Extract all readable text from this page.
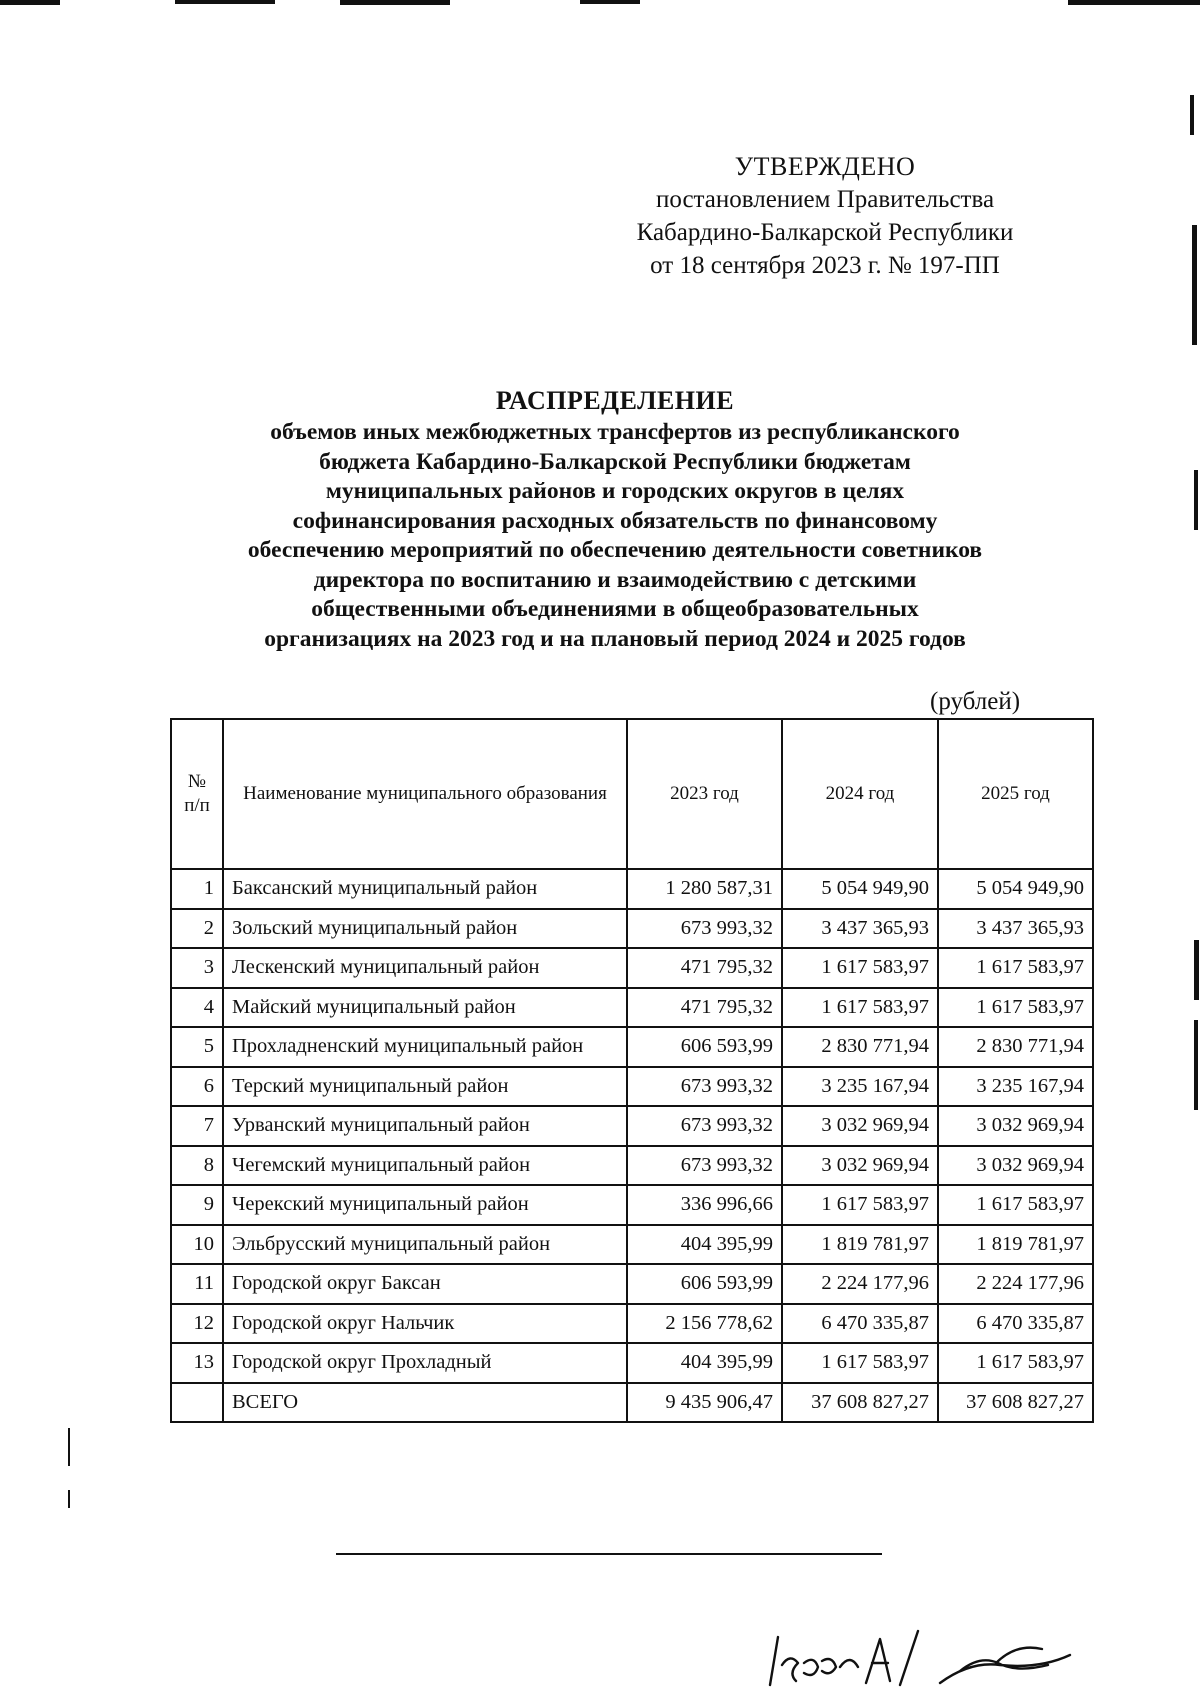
УТВЕРЖДЕНО
постановлением Правительства
Кабардино-Балкарской Республики
от 18 сентября 2023 г. № 197-ПП
РАСПРЕДЕЛЕНИЕ
объемов иных межбюджетных трансфертов из республиканского
бюджета Кабардино-Балкарской Республики бюджетам
муниципальных районов и городских округов в целях
софинансирования расходных обязательств по финансовому
обеспечению мероприятий по обеспечению деятельности советников
директора по воспитанию и взаимодействию с детскими
общественными объединениями в общеобразовательных
организациях на 2023 год и на плановый период 2024 и 2025 годов
(рублей)
№ п/п	Наименование муниципального образования	2023 год	2024 год	2025 год
1	Баксанский муниципальный район	1 280 587,31	5 054 949,90	5 054 949,90
2	Зольский муниципальный район	673 993,32	3 437 365,93	3 437 365,93
3	Лескенский муниципальный район	471 795,32	1 617 583,97	1 617 583,97
4	Майский муниципальный район	471 795,32	1 617 583,97	1 617 583,97
5	Прохладненский муниципальный район	606 593,99	2 830 771,94	2 830 771,94
6	Терский муниципальный район	673 993,32	3 235 167,94	3 235 167,94
7	Урванский муниципальный район	673 993,32	3 032 969,94	3 032 969,94
8	Чегемский муниципальный район	673 993,32	3 032 969,94	3 032 969,94
9	Черекский муниципальный район	336 996,66	1 617 583,97	1 617 583,97
10	Эльбрусский муниципальный район	404 395,99	1 819 781,97	1 819 781,97
11	Городской округ Баксан	606 593,99	2 224 177,96	2 224 177,96
12	Городской округ Нальчик	2 156 778,62	6 470 335,87	6 470 335,87
13	Городской округ Прохладный	404 395,99	1 617 583,97	1 617 583,97
	ВСЕГО	9 435 906,47	37 608 827,27	37 608 827,27
